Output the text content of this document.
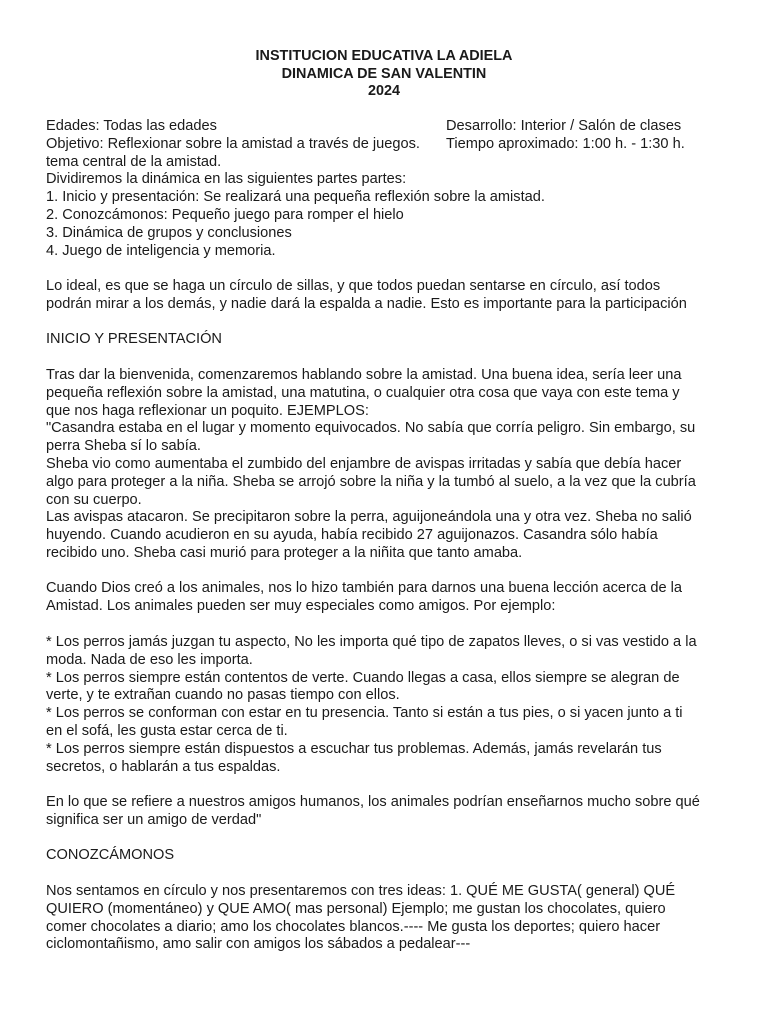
INSTITUCION EDUCATIVA LA ADIELA
DINAMICA DE SAN VALENTIN
2024
Edades: Todas las edades	Desarrollo: Interior / Salón de clases
Objetivo: Reflexionar sobre la amistad a través de juegos.	Tiempo aproximado: 1:00 h. - 1:30 h.
tema central de la amistad.
Dividiremos la dinámica en las siguientes partes partes:
1. Inicio y presentación: Se realizará una pequeña reflexión sobre la amistad.
2. Conozcámonos: Pequeño juego para romper el hielo
3. Dinámica de grupos y conclusiones
4. Juego de inteligencia y memoria.
Lo ideal, es que se haga un círculo de sillas, y que todos puedan sentarse en círculo, así todos
podrán mirar a los demás, y nadie dará la espalda a nadie. Esto es importante para la participación
INICIO Y PRESENTACIÓN
Tras dar la bienvenida, comenzaremos hablando sobre la amistad. Una buena idea, sería leer una
pequeña reflexión sobre la amistad, una matutina, o cualquier otra cosa que vaya con este tema y
que nos haga reflexionar un poquito. EJEMPLOS:
"Casandra estaba en el lugar y momento equivocados. No sabía que corría peligro. Sin embargo, su
perra Sheba sí lo sabía.
Sheba vio como aumentaba el zumbido del enjambre de avispas irritadas y sabía que debía hacer
algo para proteger a la niña. Sheba se arrojó sobre la niña y la tumbó al suelo, a la vez que la cubría
con su cuerpo.
Las avispas atacaron. Se precipitaron sobre la perra, aguijoneándola una y otra vez. Sheba no salió
huyendo. Cuando acudieron en su ayuda, había recibido 27 aguijonazos. Casandra sólo había
recibido uno. Sheba casi murió para proteger a la niñita que tanto amaba.
Cuando Dios creó a los animales, nos lo hizo también para darnos una buena lección acerca de la
Amistad. Los animales pueden ser muy especiales como amigos. Por ejemplo:
* Los perros jamás juzgan tu aspecto, No les importa qué tipo de zapatos lleves, o si vas vestido a la
moda. Nada de eso les importa.
* Los perros siempre están contentos de verte. Cuando llegas a casa, ellos siempre se alegran de
verte, y te extrañan cuando no pasas tiempo con ellos.
* Los perros se conforman con estar en tu presencia. Tanto si están a tus pies, o si yacen junto a ti
en el sofá, les gusta estar cerca de ti.
* Los perros siempre están dispuestos a escuchar tus problemas. Además, jamás revelarán tus
secretos, o hablarán a tus espaldas.
En lo que se refiere a nuestros amigos humanos, los animales podrían enseñarnos mucho sobre qué
significa ser un amigo de verdad"
CONOZCÁMONOS
Nos sentamos en círculo y nos presentaremos con tres ideas: 1. QUÉ ME GUSTA( general) QUÉ
QUIERO (momentáneo) y QUE AMO( mas personal) Ejemplo; me gustan los chocolates, quiero
comer chocolates a diario; amo los chocolates blancos.---- Me gusta los deportes; quiero hacer
ciclomontañismo, amo salir con amigos los sábados a pedalear---
